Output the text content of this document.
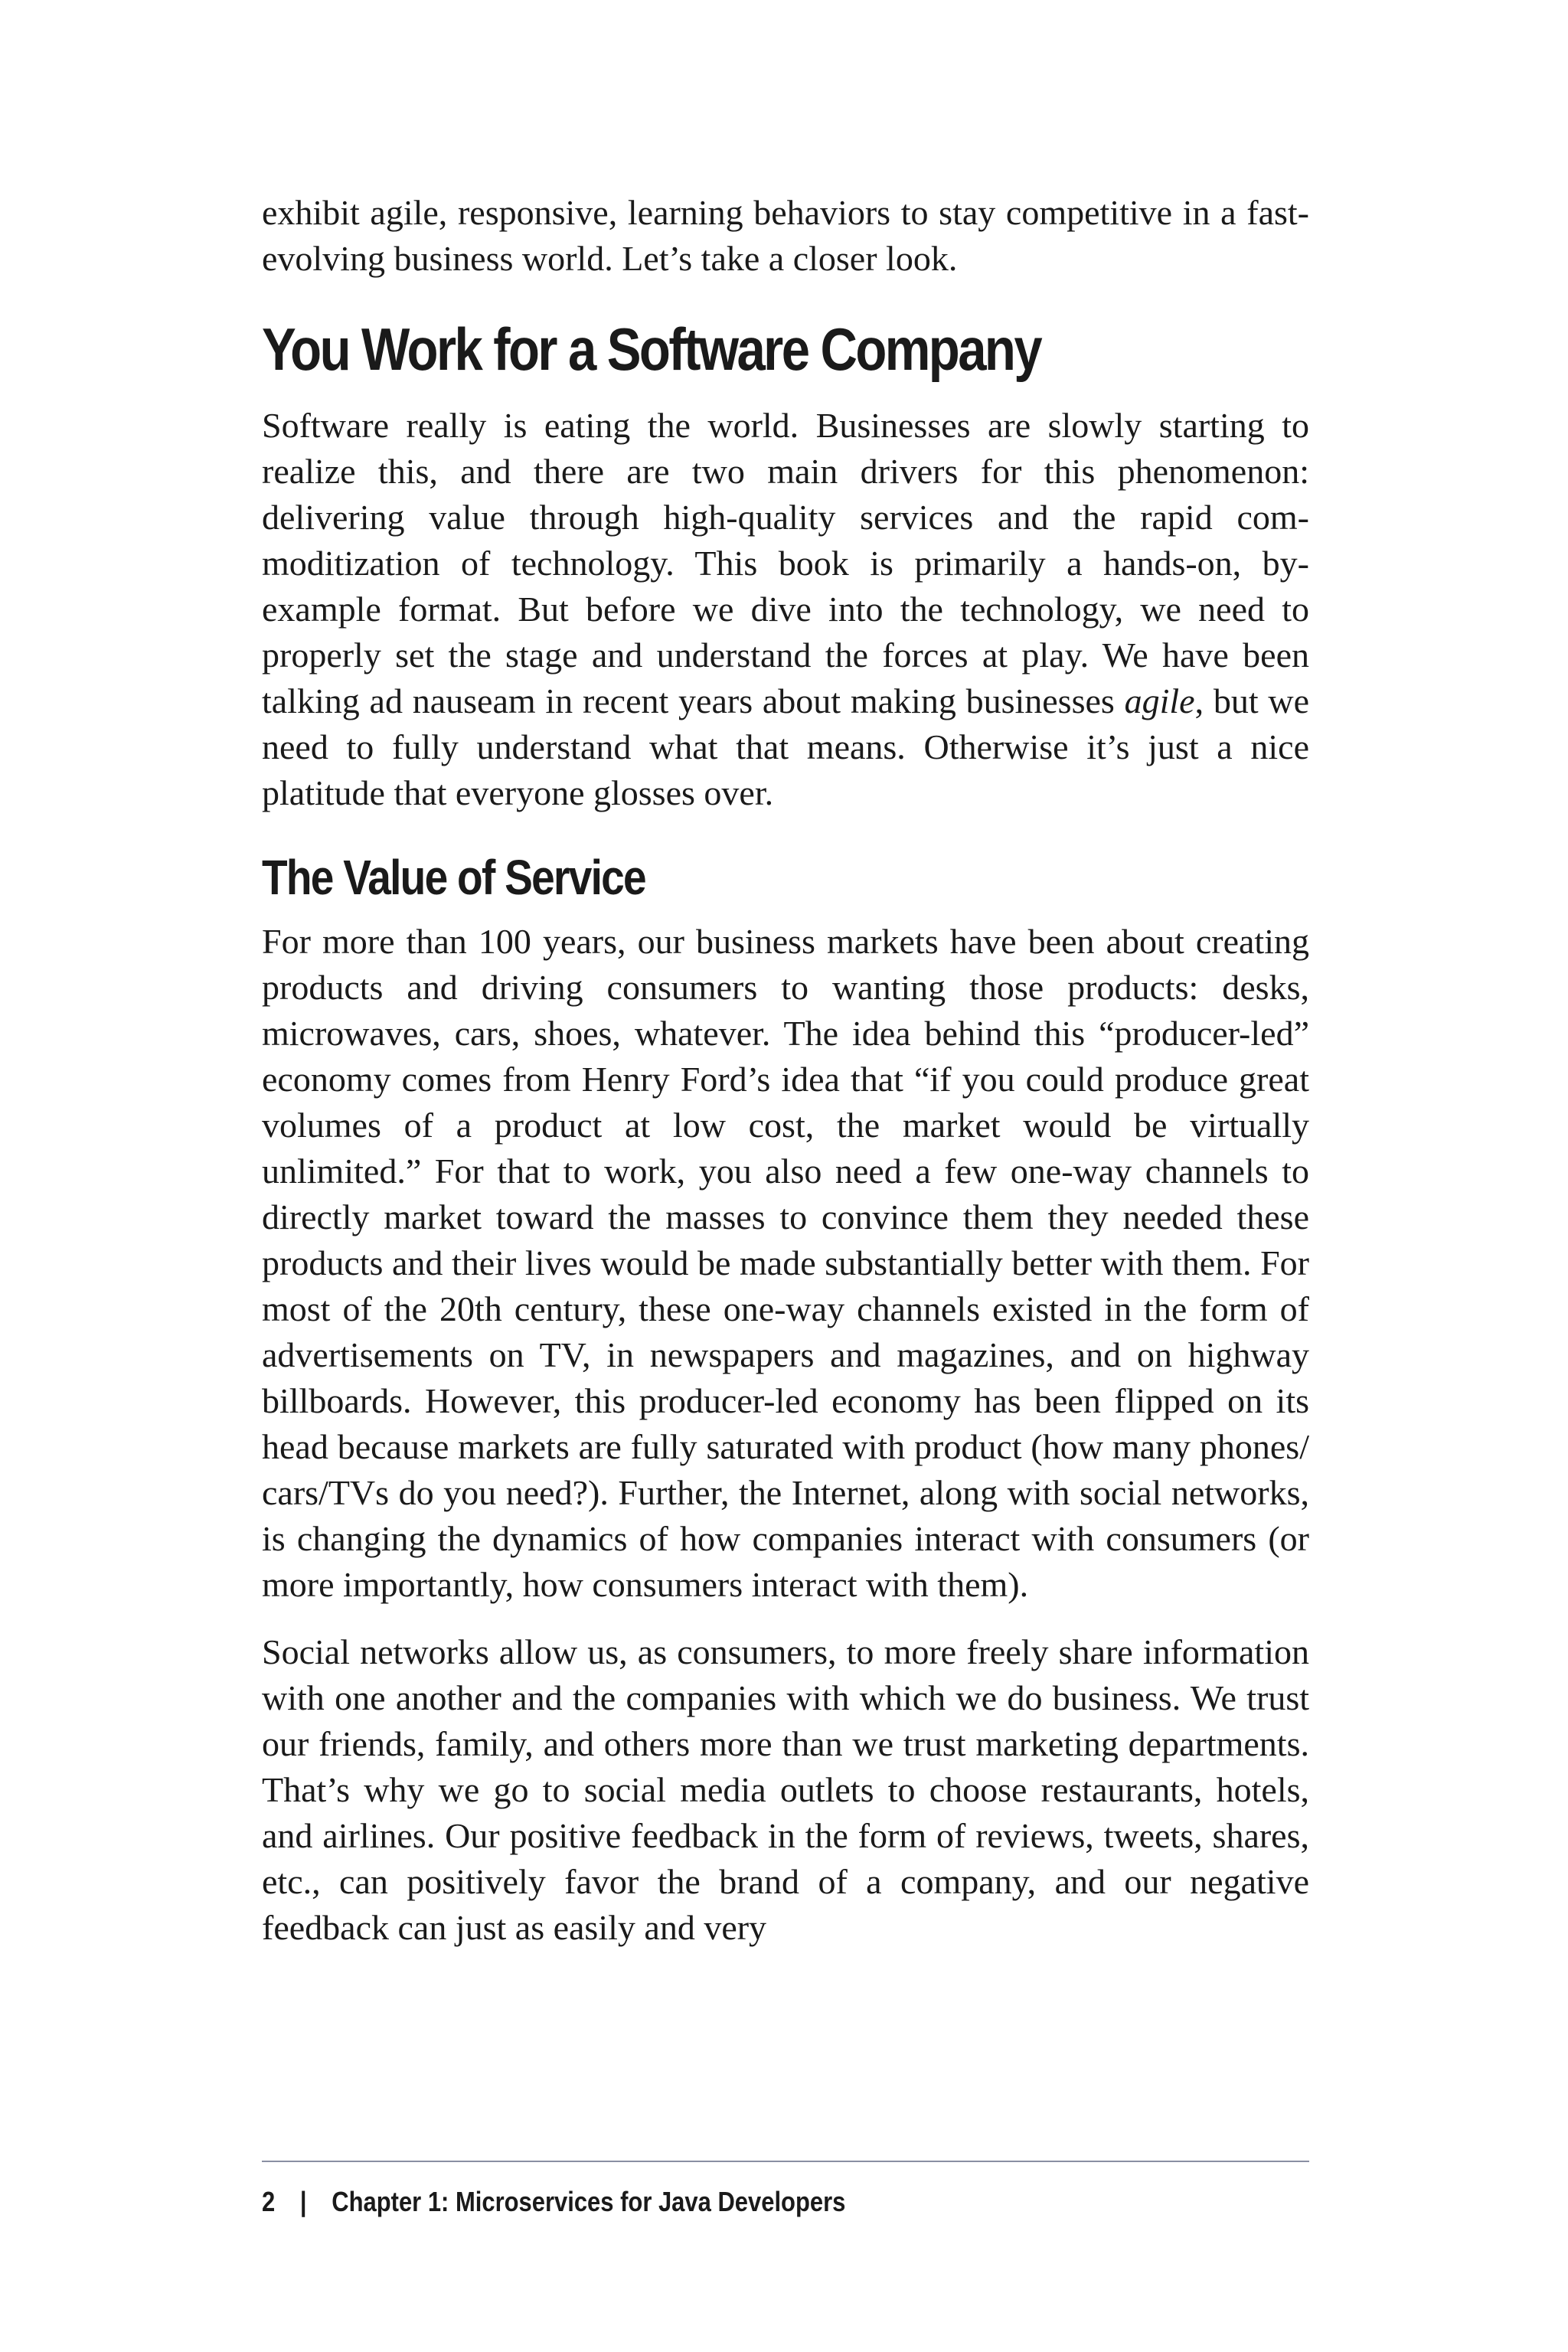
exhibit agile, responsive, learning behaviors to stay competitive in a fast-evolving business world. Let’s take a closer look.

You Work for a Software Company

Software really is eating the world. Businesses are slowly starting to realize this, and there are two main drivers for this phenomenon: delivering value through high-quality services and the rapid commoditization of technology. This book is primarily a hands-on, by-example format. But before we dive into the technology, we need to properly set the stage and understand the forces at play. We have been talking ad nauseam in recent years about making businesses agile, but we need to fully understand what that means. Otherwise it’s just a nice platitude that everyone glosses over.

The Value of Service

For more than 100 years, our business markets have been about creating products and driving consumers to wanting those products: desks, microwaves, cars, shoes, whatever. The idea behind this “producer-led” economy comes from Henry Ford’s idea that “if you could produce great volumes of a product at low cost, the market would be virtually unlimited.” For that to work, you also need a few one-way channels to directly market toward the masses to convince them they needed these products and their lives would be made substantially better with them. For most of the 20th century, these one-way channels existed in the form of advertisements on TV, in newspapers and magazines, and on highway billboards. However, this producer-led economy has been flipped on its head because markets are fully saturated with product (how many phones/​cars/TVs do you need?). Further, the Internet, along with social networks, is changing the dynamics of how companies interact with consumers (or more importantly, how consumers interact with them).

Social networks allow us, as consumers, to more freely share information with one another and the companies with which we do business. We trust our friends, family, and others more than we trust marketing departments. That’s why we go to social media outlets to choose restaurants, hotels, and airlines. Our positive feedback in the form of reviews, tweets, shares, etc., can positively favor the brand of a company, and our negative feedback can just as easily and very

2 | Chapter 1: Microservices for Java Developers
